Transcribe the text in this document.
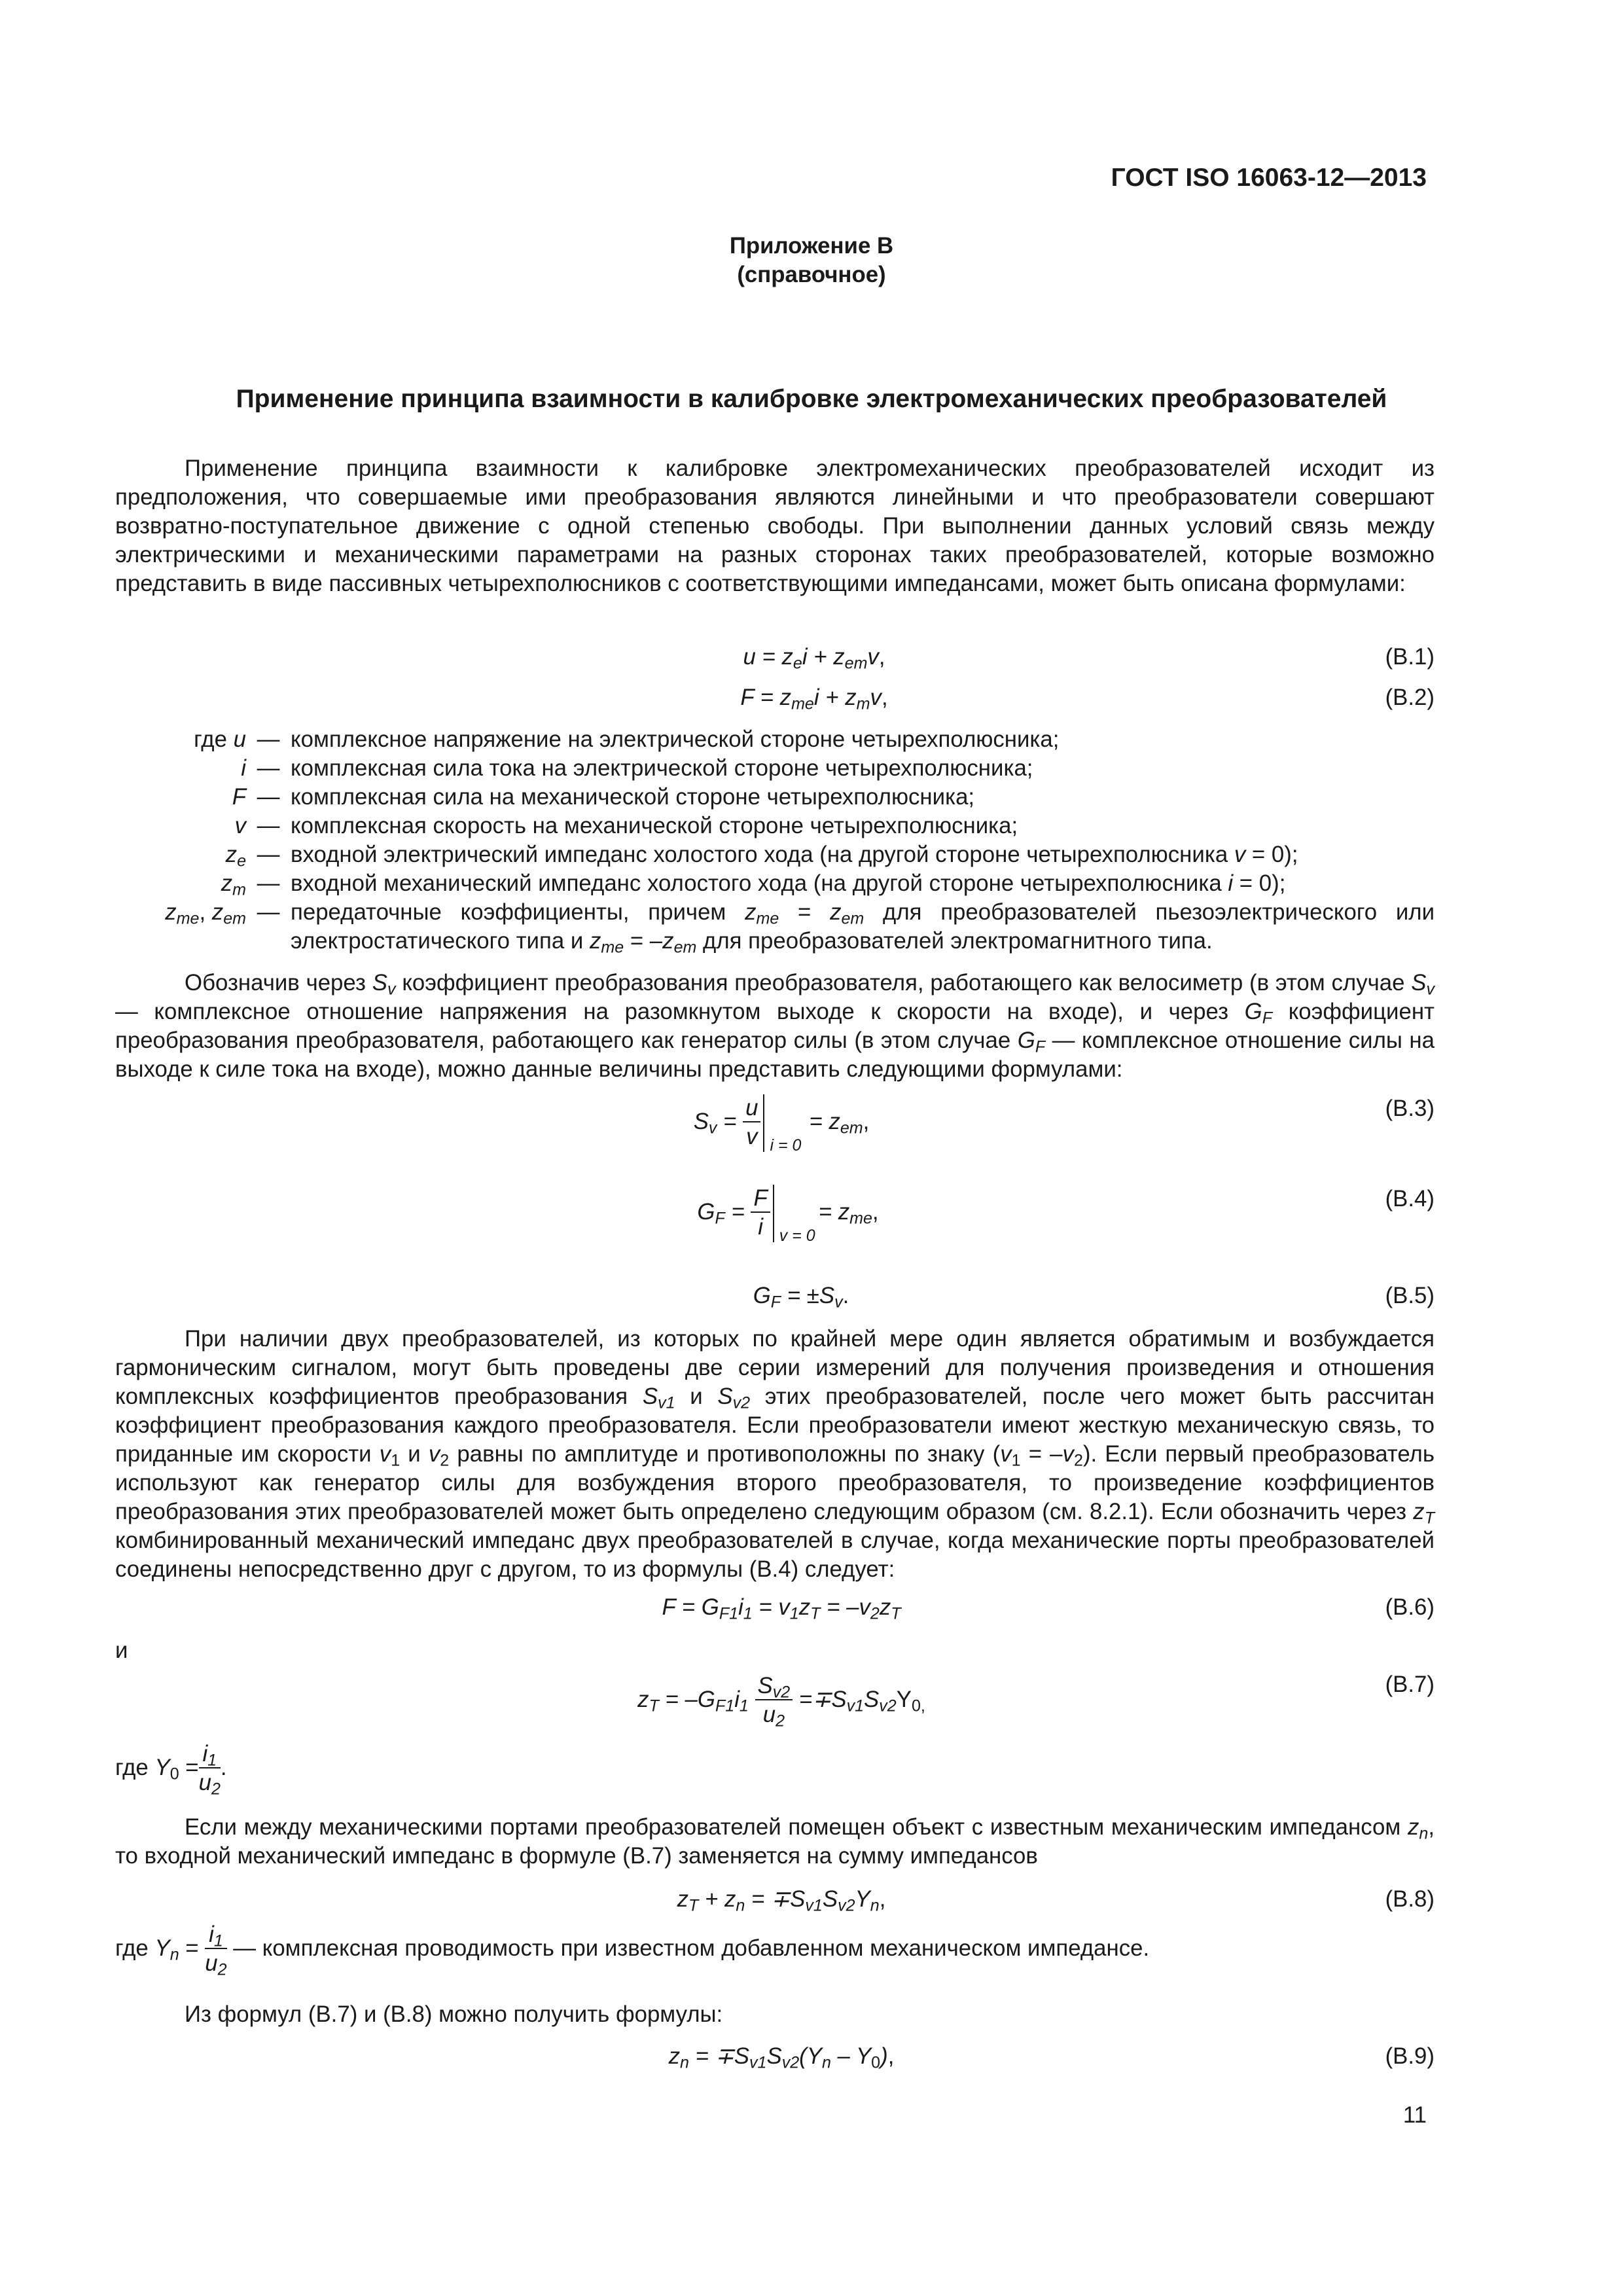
ГОСТ ISO 16063-12—2013
Приложение В
(справочное)
Применение принципа взаимности в калибровке электромеханических преобразователей
Применение принципа взаимности к калибровке электромеханических преобразователей исходит из предположения, что совершаемые ими преобразования являются линейными и что преобразователи совершают возвратно-поступательное движение с одной степенью свободы. При выполнении данных условий связь между электрическими и механическими параметрами на разных сторонах таких преобразователей, которые возможно представить в виде пассивных четырехполюсников с соответствующими импедансами, может быть описана формулами:
$u = z_ei + z_{em}v$,	(В.1)
$F = z_{me}i + z_mv$,	(В.2)
где u — комплексное напряжение на электрической стороне четырехполюсника;
i — комплексная сила тока на электрической стороне четырехполюсника;
F — комплексная сила на механической стороне четырехполюсника;
v — комплексная скорость на механической стороне четырехполюсника;
$z_e$ — входной электрический импеданс холостого хода (на другой стороне четырехполюсника v = 0);
$z_m$ — входной механический импеданс холостого хода (на другой стороне четырехполюсника i = 0);
$z_{me}$, $z_{em}$ — передаточные коэффициенты, причем $z_{me} = z_{em}$ для преобразователей пьезоэлектрического или электростатического типа и $z_{me} = -z_{em}$ для преобразователей электромагнитного типа.
Обозначив через $S_v$ коэффициент преобразования преобразователя, работающего как велосиметр (в этом случае $S_v$ — комплексное отношение напряжения на разомкнутом выходе к скорости на входе), и через $G_F$ коэффициент преобразования преобразователя, работающего как генератор силы (в этом случае $G_F$ — комплексное отношение силы на выходе к силе тока на входе), можно данные величины представить следующими формулами:
$S_v = \frac{u}{v}$ i = 0
= $z_{em}$,
(В.3)
$G_F = \frac{F}{i}$ v = 0
= $z_{me}$,
(В.4)
$G_F = \pm S_v$.	(В.5)
При наличии двух преобразователей, из которых по крайней мере один является обратимым и возбуждается гармоническим сигналом, могут быть проведены две серии измерений для получения произведения и отношения комплексных коэффициентов преобразования $S_{v1}$ и $S_{v2}$ этих преобразователей, после чего может быть рассчитан коэффициент преобразования каждого преобразователя. Если преобразователи имеют жесткую механическую связь, то приданные им скорости $v_1$ и $v_2$ равны по амплитуде и противоположны по знаку $(v_1 = -v_2)$. Если первый преобразователь используют как генератор силы для возбуждения второго преобразователя, то произведение коэффициентов преобразования этих преобразователей может быть определено следующим образом (см. 8.2.1). Если обозначить через $z_T$ комбинированный механический импеданс двух преобразователей в случае, когда механические порты преобразователей соединены непосредственно друг с другом, то из формулы (В.4) следует:
$F = G_{F1}i_1 = v_1z_T = -v_2z_T$	(В.6)
и
$z_T = -G_{F1}i_1 \frac{S_{v2}}{u_2} =\mp S_{v1}S_{v2}Y_{0,}$
(В.7)
где $Y_0 = \frac{i_1}{u_2}$ .
Если между механическими портами преобразователей помещен объект с известным механическим импедансом $z_n$, то входной механический импеданс в формуле (В.7) заменяется на сумму импедансов
$z_T + z_n = \mp S_{v1}S_{v2}Y_n$,	(В.8)
где $Y_n = \frac{i_1}{u_2}$ — комплексная проводимость при известном добавленном механическом импедансе.
Из формул (В.7) и (В.8) можно получить формулы:
$z_n = \mp S_{v1}S_{v2}(Y_n - Y_0)$,	(В.9)
11
